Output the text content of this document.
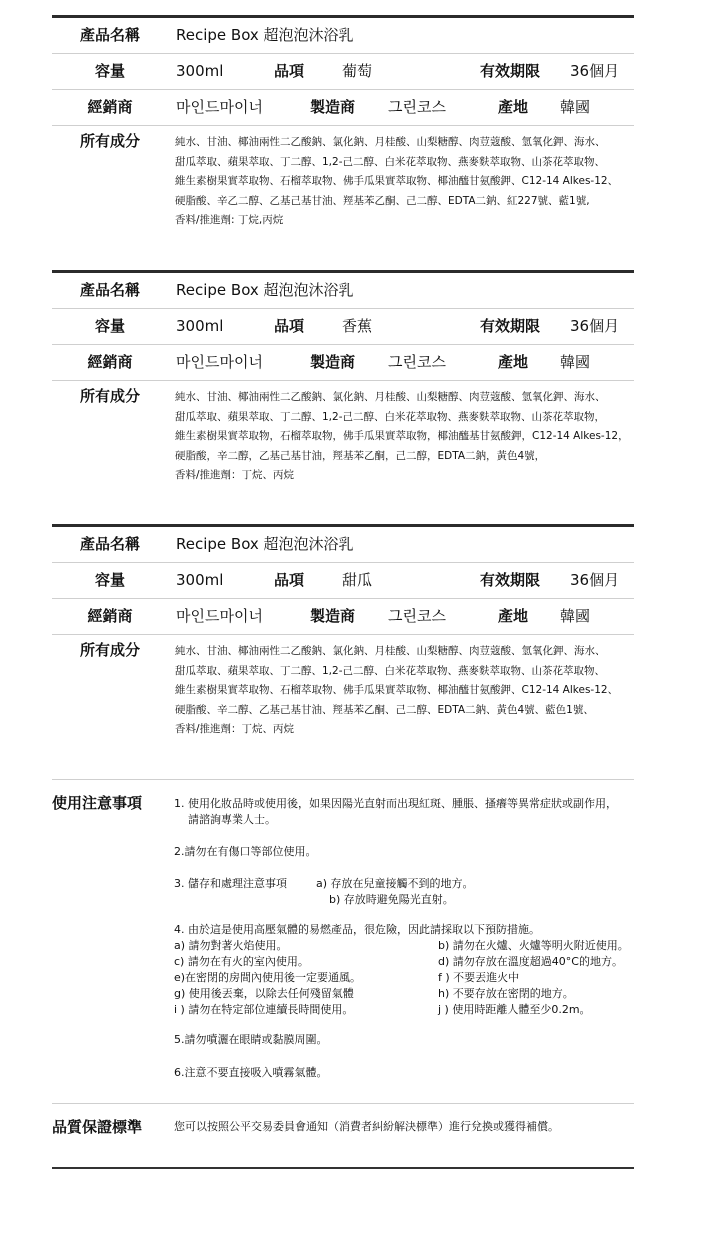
產品名稱	Recipe Box 超泡泡沐浴乳
容量	300ml	品項	葡萄	有效期限 36個月
經銷商	마인드마이너	製造商 그린코스	產地 韓國
所有成分	純水、甘油、椰油兩性二乙酸鈉、氯化鈉、月桂酸、山梨糖醇、肉荳蔻酸、氫氧化鉀、海水、
甜瓜萃取、蘋果萃取、丁二醇、1,2-己二醇、白米花萃取物、燕麥麩萃取物、山茶花萃取物、
維生素樹果實萃取物、石榴萃取物、佛手瓜果實萃取物、椰油醯甘氨酸鉀、C12-14 Alkes-12、
硬脂酸、辛乙二醇、乙基己基甘油、羥基苯乙酮、己二醇、EDTA二鈉、紅227號、藍1號,
香料/推進劑: 丁烷,丙烷
產品名稱	Recipe Box 超泡泡沐浴乳
容量	300ml	品項	香蕉	有效期限 36個月
經銷商	마인드마이너	製造商 그린코스	產地 韓國
所有成分	純水、甘油、椰油兩性二乙酸鈉、氯化鈉、月桂酸、山梨糖醇、肉荳蔻酸、氫氧化鉀、海水、
甜瓜萃取、蘋果萃取、丁二醇、1,2-己二醇、白米花萃取物、燕麥麩萃取物、山茶花萃取物，
維生素樹果實萃取物，石榴萃取物，佛手瓜果實萃取物，椰油醯基甘氨酸鉀，C12-14 Alkes-12，
硬脂酸，辛二醇，乙基己基甘油，羥基苯乙酮，己二醇，EDTA二鈉，黃色4號，
香料/推進劑：丁烷、丙烷
產品名稱	Recipe Box 超泡泡沐浴乳
容量	300ml	品項	甜瓜	有效期限 36個月
經銷商	마인드마이너	製造商 그린코스	產地 韓國
所有成分	純水、甘油、椰油兩性二乙酸鈉、氯化鈉、月桂酸、山梨糖醇、肉荳蔻酸、氫氧化鉀、海水、
甜瓜萃取、蘋果萃取、丁二醇、1,2-己二醇、白米花萃取物、燕麥麩萃取物、山茶花萃取物、
維生素樹果實萃取物、石榴萃取物、佛手瓜果實萃取物、椰油醯甘氨酸鉀、C12-14 Alkes-12、
硬脂酸、辛二醇、乙基己基甘油、羥基苯乙酮、己二醇、EDTA二鈉、黃色4號、藍色1號、
香料/推進劑：丁烷、丙烷
使用注意事項	1. 使用化妝品時或使用後，如果因陽光直射而出現紅斑、腫脹、搔癢等異常症狀或副作用，
請諮詢專業人士。
2.請勿在有傷口等部位使用。
3. 儲存和處理注意事項	a) 存放在兒童接觸不到的地方。
b) 存放時避免陽光直射。
4. 由於這是使用高壓氣體的易燃產品，很危險，因此請採取以下預防措施。
a) 請勿對著火焰使用。	b) 請勿在火爐、火爐等明火附近使用。
c) 請勿在有火的室內使用。	d) 請勿存放在溫度超過40°C的地方。
e)在密閉的房間內使用後一定要通風。	f ) 不要丟進火中
g) 使用後丟棄，以除去任何殘留氣體	h) 不要存放在密閉的地方。
i ) 請勿在特定部位連續長時間使用。	j ) 使用時距離人體至少0.2m。
5.請勿噴灑在眼睛或黏膜周圍。
6.注意不要直接吸入噴霧氣體。
品質保證標準	您可以按照公平交易委員會通知（消費者糾紛解決標準）進行兌換或獲得補償。
